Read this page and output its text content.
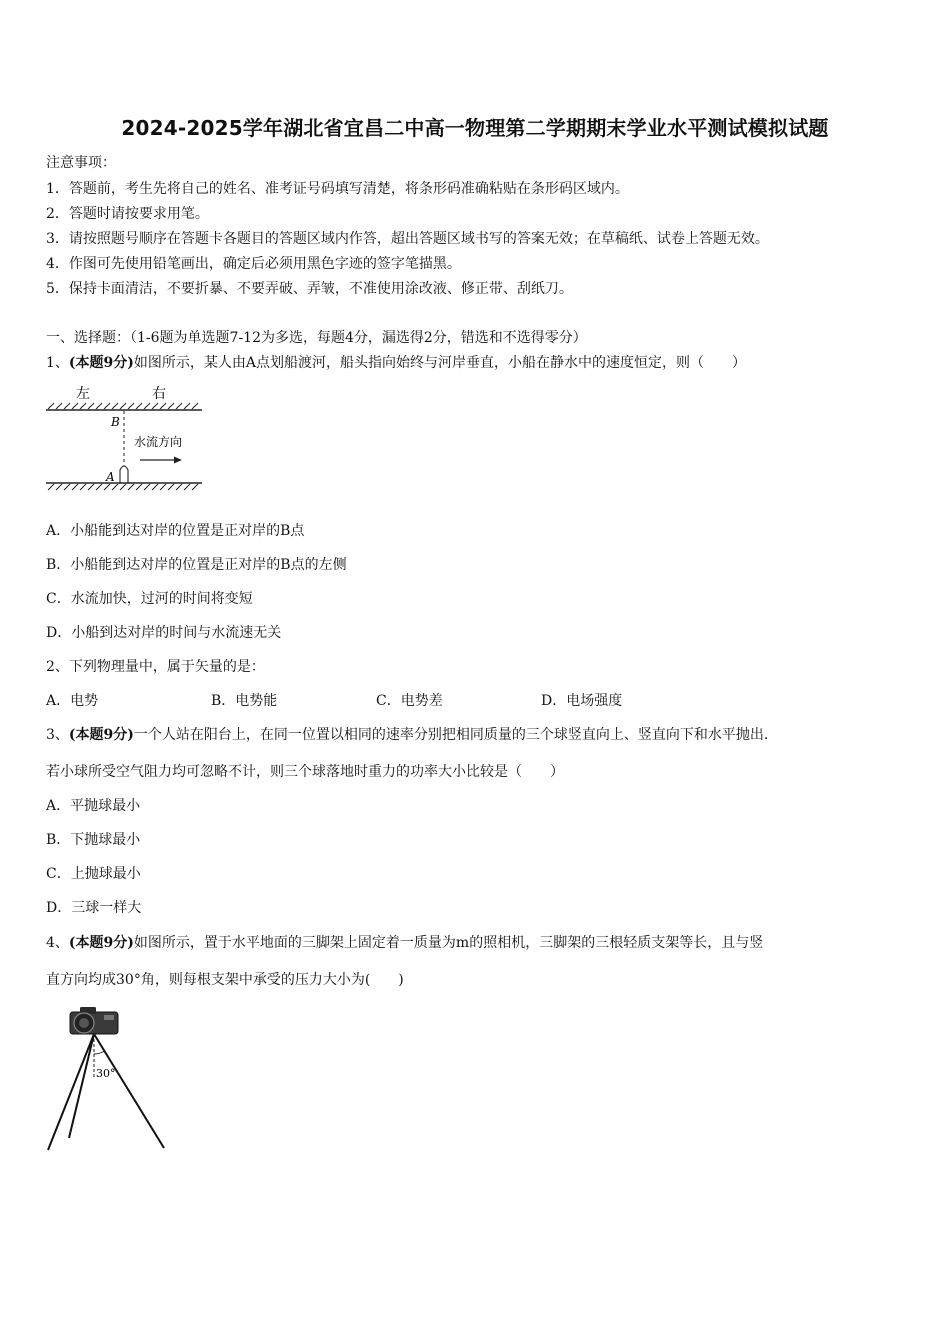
2024-2025学年湖北省宜昌二中高一物理第二学期期末学业水平测试模拟试题
注意事项：
1．答题前，考生先将自己的姓名、准考证号码填写清楚，将条形码准确粘贴在条形码区域内。
2．答题时请按要求用笔。
3．请按照题号顺序在答题卡各题目的答题区域内作答，超出答题区域书写的答案无效；在草稿纸、试卷上答题无效。
4．作图可先使用铅笔画出，确定后必须用黑色字迹的签字笔描黑。
5．保持卡面清洁，不要折暴、不要弄破、弄皱，不准使用涂改液、修正带、刮纸刀。
一、选择题：（1-6题为单选题7-12为多选，每题4分，漏选得2分，错选和不选得零分）
1、(本题9分)如图所示，某人由A点划船渡河，船头指向始终与河岸垂直，小船在静水中的速度恒定，则（　　）
左	右
B
A
水流方向
A．小船能到达对岸的位置是正对岸的B点
B．小船能到达对岸的位置是正对岸的B点的左侧
C．水流加快，过河的时间将变短
D．小船到达对岸的时间与水流速无关
2、下列物理量中，属于矢量的是：
A．电势	B．电势能	C．电势差	D．电场强度
3、(本题9分)一个人站在阳台上，在同一位置以相同的速率分别把相同质量的三个球竖直向上、竖直向下和水平抛出.
若小球所受空气阻力均可忽略不计，则三个球落地时重力的功率大小比较是（　　）
A．平抛球最小
B．下抛球最小
C．上抛球最小
D．三球一样大
4、(本题9分)如图所示，置于水平地面的三脚架上固定着一质量为m的照相机，三脚架的三根轻质支架等长，且与竖
直方向均成30°角，则每根支架中承受的压力大小为(　　)
30°
